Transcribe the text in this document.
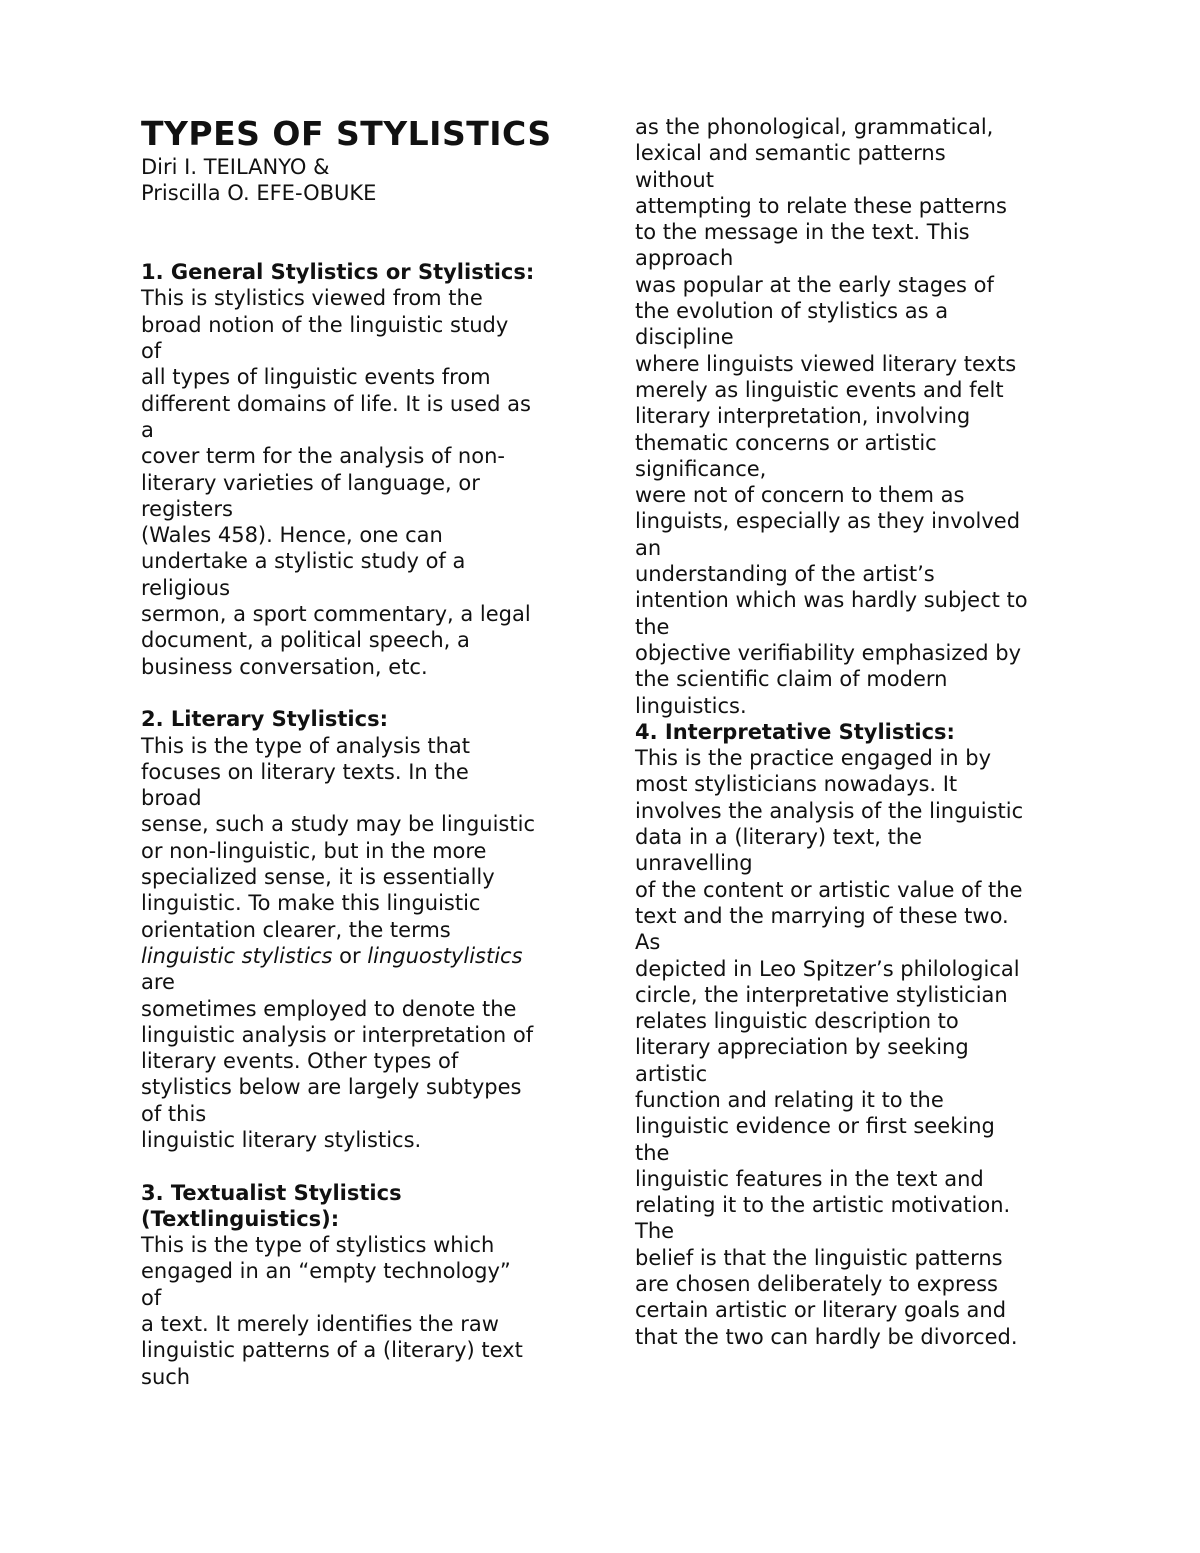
TYPES OF STYLISTICS
Diri I. TEILANYO &
Priscilla O. EFE-OBUKE
1. General Stylistics or Stylistics:
This is stylistics viewed from the
broad notion of the linguistic study
of
all types of linguistic events from
different domains of life. It is used as
a
cover term for the analysis of non-
literary varieties of language, or
registers
(Wales 458). Hence, one can
undertake a stylistic study of a
religious
sermon, a sport commentary, a legal
document, a political speech, a
business conversation, etc.
2. Literary Stylistics:
This is the type of analysis that
focuses on literary texts. In the
broad
sense, such a study may be linguistic
or non-linguistic, but in the more
specialized sense, it is essentially
linguistic. To make this linguistic
orientation clearer, the terms
linguistic stylistics or linguostylistics
are
sometimes employed to denote the
linguistic analysis or interpretation of
literary events. Other types of
stylistics below are largely subtypes
of this
linguistic literary stylistics.
3. Textualist Stylistics
(Textlinguistics):
This is the type of stylistics which
engaged in an “empty technology”
of
a text. It merely identifies the raw
linguistic patterns of a (literary) text
such
as the phonological, grammatical,
lexical and semantic patterns
without
attempting to relate these patterns
to the message in the text. This
approach
was popular at the early stages of
the evolution of stylistics as a
discipline
where linguists viewed literary texts
merely as linguistic events and felt
literary interpretation, involving
thematic concerns or artistic
significance,
were not of concern to them as
linguists, especially as they involved
an
understanding of the artist’s
intention which was hardly subject to
the
objective verifiability emphasized by
the scientific claim of modern
linguistics.
4. Interpretative Stylistics:
This is the practice engaged in by
most stylisticians nowadays. It
involves the analysis of the linguistic
data in a (literary) text, the
unravelling
of the content or artistic value of the
text and the marrying of these two.
As
depicted in Leo Spitzer’s philological
circle, the interpretative stylistician
relates linguistic description to
literary appreciation by seeking
artistic
function and relating it to the
linguistic evidence or first seeking
the
linguistic features in the text and
relating it to the artistic motivation.
The
belief is that the linguistic patterns
are chosen deliberately to express
certain artistic or literary goals and
that the two can hardly be divorced.
